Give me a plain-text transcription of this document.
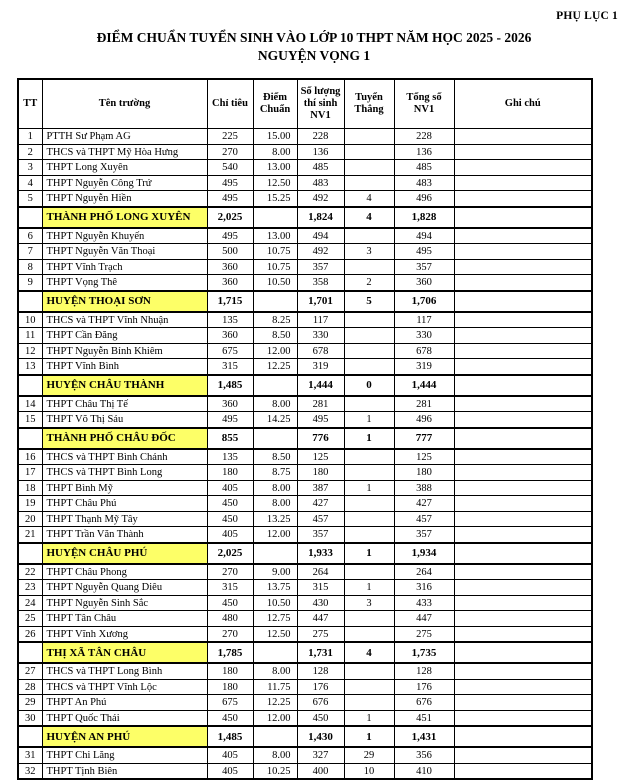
PHỤ LỤC 1
ĐIỂM CHUẨN TUYỂN SINH VÀO LỚP 10 THPT NĂM HỌC 2025 - 2026
NGUYỆN VỌNG 1
TT	Tên trường	Chỉ tiêu	Điểm Chuẩn	Số lượng thí sinh NV1	Tuyển Thẳng	Tổng số NV1	Ghi chú
1	PTTH Sư Phạm AG	225	15.00	228		228	
2	THCS và THPT Mỹ Hòa Hưng	270	8.00	136		136	
3	THPT Long Xuyên	540	13.00	485		485	
4	THPT Nguyễn Công Trứ	495	12.50	483		483	
5	THPT Nguyễn Hiền	495	15.25	492	4	496	
	THÀNH PHỐ LONG XUYÊN	2,025		1,824	4	1,828	
6	THPT Nguyễn Khuyến	495	13.00	494		494	
7	THPT Nguyễn Văn Thoại	500	10.75	492	3	495	
8	THPT Vĩnh Trạch	360	10.75	357		357	
9	THPT Vọng Thê	360	10.50	358	2	360	
	HUYỆN THOẠI SƠN	1,715		1,701	5	1,706	
10	THCS và THPT Vĩnh Nhuận	135	8.25	117		117	
11	THPT Cần Đăng	360	8.50	330		330	
12	THPT Nguyễn Bỉnh Khiêm	675	12.00	678		678	
13	THPT Vĩnh Bình	315	12.25	319		319	
	HUYỆN CHÂU THÀNH	1,485		1,444	0	1,444	
14	THPT Châu Thị Tế	360	8.00	281		281	
15	THPT Võ Thị Sáu	495	14.25	495	1	496	
	THÀNH PHỐ CHÂU ĐỐC	855		776	1	777	
16	THCS và THPT Bình Chánh	135	8.50	125		125	
17	THCS và THPT Bình Long	180	8.75	180		180	
18	THPT Bình Mỹ	405	8.00	387	1	388	
19	THPT Châu Phú	450	8.00	427		427	
20	THPT Thạnh Mỹ Tây	450	13.25	457		457	
21	THPT Trần Văn Thành	405	12.00	357		357	
	HUYỆN CHÂU PHÚ	2,025		1,933	1	1,934	
22	THPT Châu Phong	270	9.00	264		264	
23	THPT Nguyễn Quang Diêu	315	13.75	315	1	316	
24	THPT Nguyễn Sinh Sắc	450	10.50	430	3	433	
25	THPT Tân Châu	480	12.75	447		447	
26	THPT Vĩnh Xương	270	12.50	275		275	
	THỊ XÃ TÂN CHÂU	1,785		1,731	4	1,735	
27	THCS và THPT Long Bình	180	8.00	128		128	
28	THCS và THPT Vĩnh Lộc	180	11.75	176		176	
29	THPT An Phú	675	12.25	676		676	
30	THPT Quốc Thái	450	12.00	450	1	451	
	HUYỆN AN PHÚ	1,485		1,430	1	1,431	
31	THPT Chi Lăng	405	8.00	327	29	356	
32	THPT Tịnh Biên	405	10.25	400	10	410	
